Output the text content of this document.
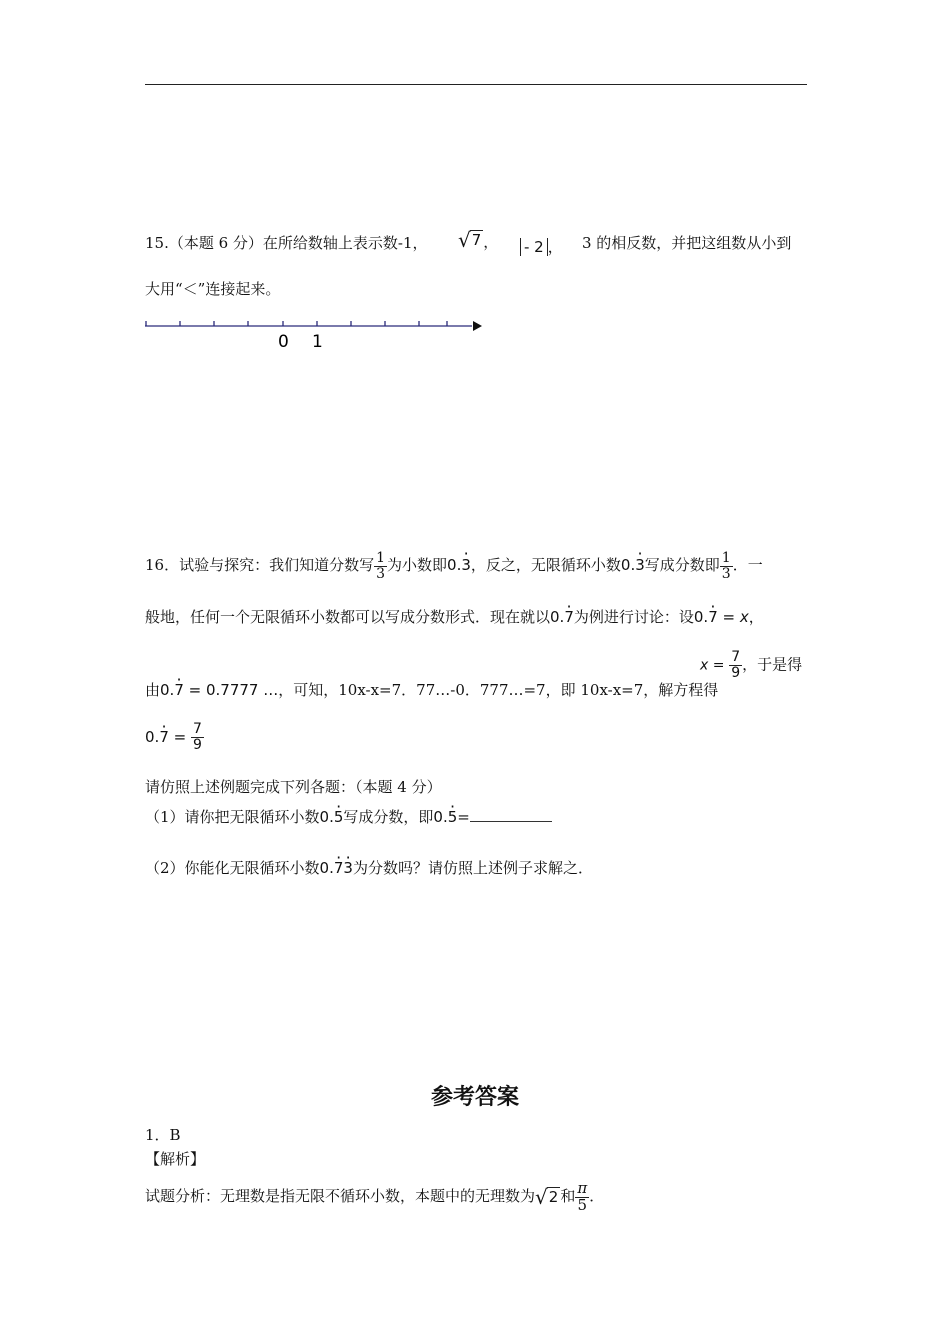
15.（本题 6 分）在所给数轴上表示数-1， √ 7 ， - 2 ， 3 的相反数，并把这组数从小到
大用“＜”连接起来。
0 1
16．试验与探究：我们知道分数写 $\frac{1}{3}$ 为小数即0.· 3，反之，无限循环小数0.· 3写成分数即 $\frac{1}{3}$ ．一
般地，任何一个无限循环小数都可以写成分数形式．现在就以0.· 7为例进行讨论：设0.· 7 = x，
由0.· 7 = 0.7777 …，可知，10x-x=7．77…-0．777…=7，即 10x-x=7，解方程得
$x = \frac{7}{9}$ ，于是得
$0.\cdot 7 = \frac{7}{9}$
请仿照上述例题完成下列各题：（本题 4 分）
（1）请你把无限循环小数0.· 5写成分数，即0.· 5=
（2）你能化无限循环小数0.· 7· 3为分数吗？请仿照上述例子求解之．
参考答案
1．B
【解析】
试题分析：无理数是指无限不循环小数，本题中的无理数为 √ 2 和 $\frac{\pi}{5}$ ．
